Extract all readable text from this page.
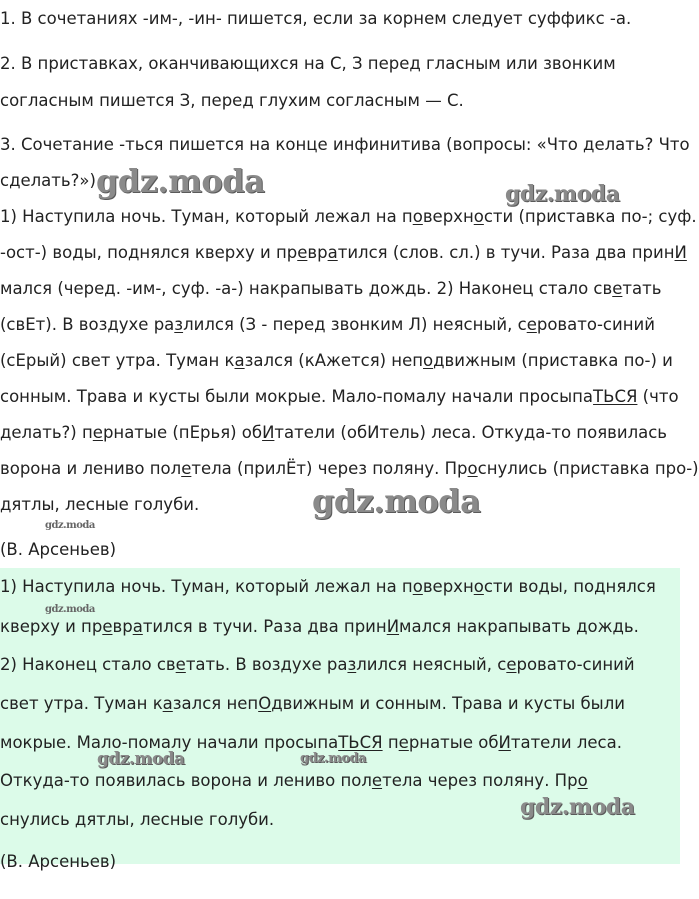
1. В сочетаниях -им-, -ин- пишется, если за корнем следует суффикс -а.
2. В приставках, оканчивающихся на С, З перед гласным или звонким
согласным пишется З, перед глухим согласным — С.
3. Сочетание -ться пишется на конце инфинитива (вопросы: «Что делать? Что
сделать?»).
1) Наступила ночь. Туман, который лежал на поверхности (приставка по-; суф.
-ост-) воды, поднялся кверху и превратился (слов. сл.) в тучи. Раза два принИ
мался (черед. -им-, суф. -а-) накрапывать дождь. 2) Наконец стало светать
(свЕт). В воздухе разлился (З - перед звонким Л) неясный, серовато-синий
(сЕрый) свет утра. Туман казался (кАжется) неподвижным (приставка по-) и
сонным. Трава и кусты были мокрые. Мало-помалу начали просыпаТЬСЯ (что
делать?) пернатые (пЕрья) обИтатели (обИтель) леса. Откуда-то появилась
ворона и лениво полетела (прилЁт) через поляну. Проснулись (приставка про-)
дятлы, лесные голуби.
(В. Арсеньев)
1) Наступила ночь. Туман, который лежал на поверхности воды, поднялся
кверху и превратился в тучи. Раза два принИмался накрапывать дождь.
2) Наконец стало светать. В воздухе разлился неясный, серовато-синий
свет утра. Туман казался непОдвижным и сонным. Трава и кусты были
мокрые. Мало-помалу начали просыпаТЬСЯ пернатые обИтатели леса.
Откуда-то появилась ворона и лениво полетела через поляну. Про
снулись дятлы, лесные голуби.
(В. Арсеньев)
gdz.moda	gdz.moda
gdz.moda
gdz.moda
gdz.moda
gdz.moda	gdz.moda
gdz.moda
